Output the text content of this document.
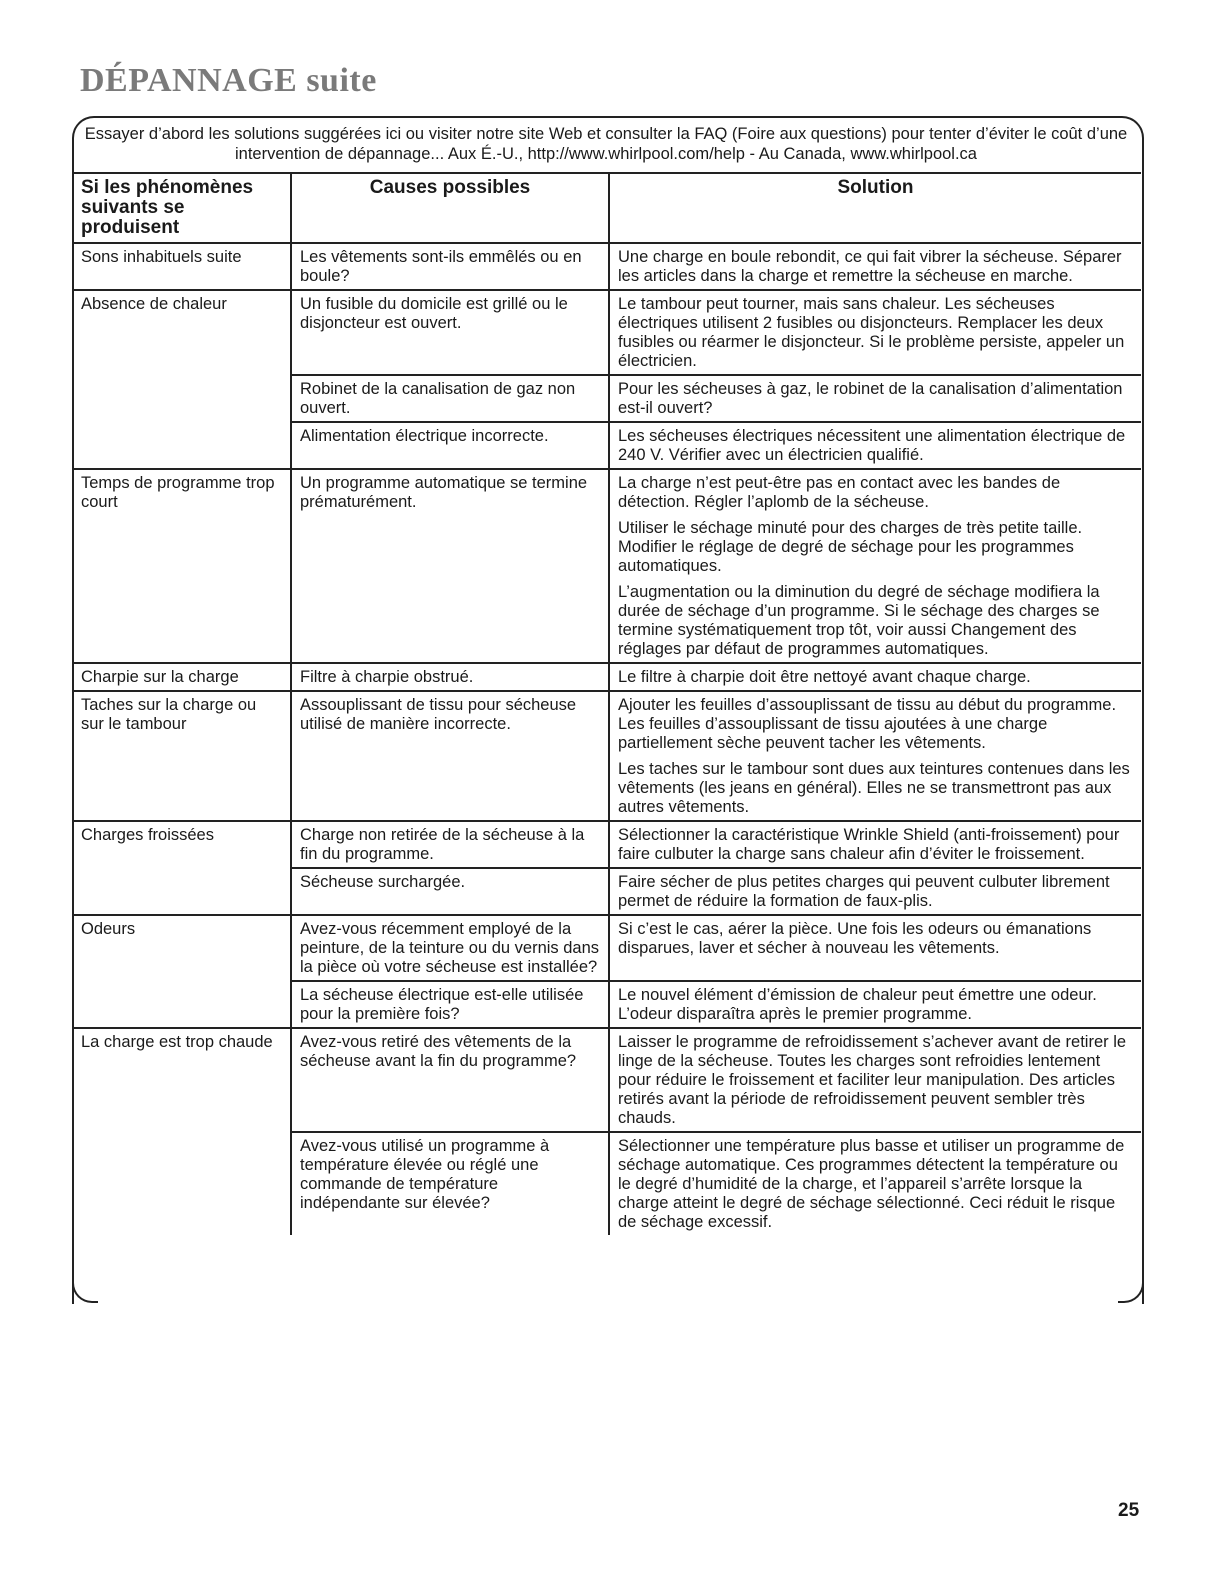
DÉPANNAGE suite
Essayer d’abord les solutions suggérées ici ou visiter notre site Web et consulter la FAQ (Foire aux questions) pour tenter d’éviter le coût d’une intervention de dépannage... Aux É.-U., http://www.whirlpool.com/help - Au Canada, www.whirlpool.ca
Si les phénomènes suivants se produisent	Causes possibles	Solution
Sons inhabituels suite	Les vêtements sont-ils emmêlés ou en boule?	Une charge en boule rebondit, ce qui fait vibrer la sécheuse. Séparer les articles dans la charge et remettre la sécheuse en marche.

Absence de chaleur	Un fusible du domicile est grillé ou le disjoncteur est ouvert.	Le tambour peut tourner, mais sans chaleur. Les sécheuses électriques utilisent 2 fusibles ou disjoncteurs. Remplacer les deux fusibles ou réarmer le disjoncteur. Si le problème persiste, appeler un électricien.

	Robinet de la canalisation de gaz non ouvert.	Pour les sécheuses à gaz, le robinet de la canalisation d’alimentation est-il ouvert?

	Alimentation électrique incorrecte.	Les sécheuses électriques nécessitent une alimentation électrique de 240 V. Vérifier avec un électricien qualifié.

Temps de programme trop court	Un programme automatique se termine prématurément.	La charge n’est peut-être pas en contact avec les bandes de détection. Régler l’aplomb de la sécheuse.
Utiliser le séchage minuté pour des charges de très petite taille. Modifier le réglage de degré de séchage pour les programmes automatiques.
L’augmentation ou la diminution du degré de séchage modifiera la durée de séchage d’un programme. Si le séchage des charges se termine systématiquement trop tôt, voir aussi Changement des réglages par défaut de programmes automatiques.

Charpie sur la charge	Filtre à charpie obstrué.	Le filtre à charpie doit être nettoyé avant chaque charge.

Taches sur la charge ou sur le tambour	Assouplissant de tissu pour sécheuse utilisé de manière incorrecte.	Ajouter les feuilles d’assouplissant de tissu au début du programme. Les feuilles d’assouplissant de tissu ajoutées à une charge partiellement sèche peuvent tacher les vêtements.
Les taches sur le tambour sont dues aux teintures contenues dans les vêtements (les jeans en général). Elles ne se transmettront pas aux autres vêtements.

Charges froissées	Charge non retirée de la sécheuse à la fin du programme.	Sélectionner la caractéristique Wrinkle Shield (anti-froissement) pour faire culbuter la charge sans chaleur afin d’éviter le froissement.

	Sécheuse surchargée.	Faire sécher de plus petites charges qui peuvent culbuter librement permet de réduire la formation de faux-plis.

Odeurs	Avez-vous récemment employé de la peinture, de la teinture ou du vernis dans la pièce où votre sécheuse est installée?	Si c’est le cas, aérer la pièce. Une fois les odeurs ou émanations disparues, laver et sécher à nouveau les vêtements.

	La sécheuse électrique est-elle utilisée pour la première fois?	Le nouvel élément d’émission de chaleur peut émettre une odeur. L’odeur disparaîtra après le premier programme.

La charge est trop chaude	Avez-vous retiré des vêtements de la sécheuse avant la fin du programme?	Laisser le programme de refroidissement s’achever avant de retirer le linge de la sécheuse. Toutes les charges sont refroidies lentement pour réduire le froissement et faciliter leur manipulation. Des articles retirés avant la période de refroidissement peuvent sembler très chauds.

	Avez-vous utilisé un programme à température élevée ou réglé une commande de température indépendante sur élevée?	Sélectionner une température plus basse et utiliser un programme de séchage automatique. Ces programmes détectent la température ou le degré d’humidité de la charge, et l’appareil s’arrête lorsque la charge atteint le degré de séchage sélectionné. Ceci réduit le risque de séchage excessif.
25
